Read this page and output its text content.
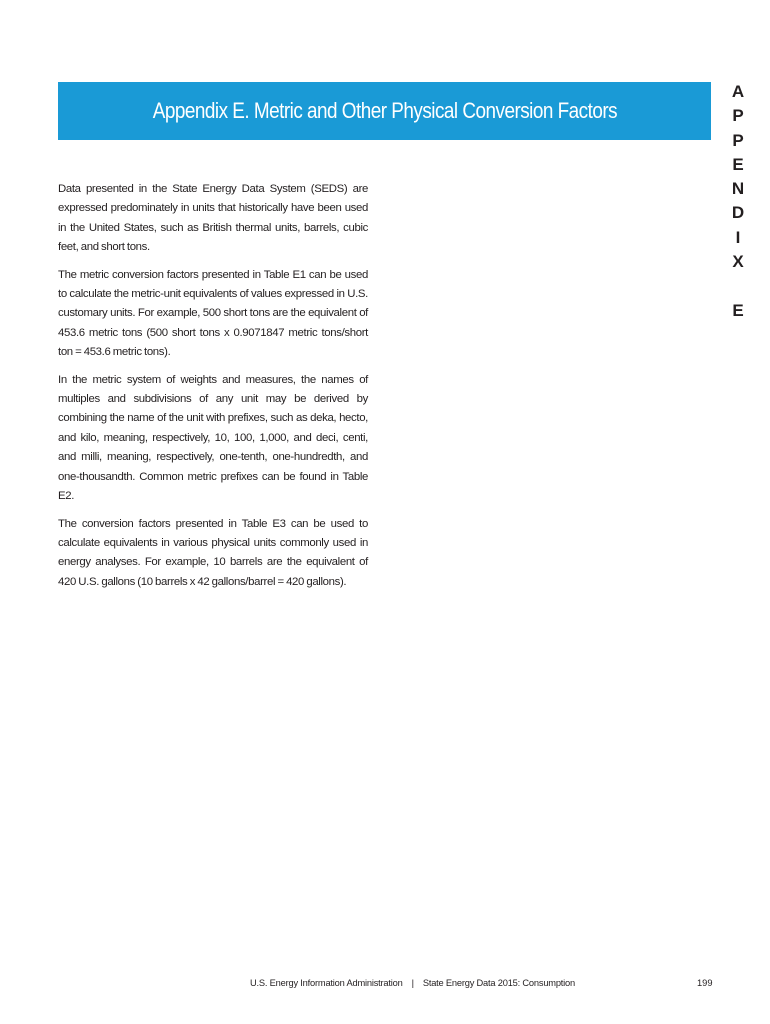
Appendix E. Metric and Other Physical Conversion Factors
A
P
P
E
N
D
I
X
E

Data presented in the State Energy Data System (SEDS) are expressed predominately in units that historically have been used in the United States, such as British thermal units, barrels, cubic feet, and short tons.

The metric conversion factors presented in Table E1 can be used to calculate the metric-unit equivalents of values expressed in U.S. customary units. For example, 500 short tons are the equivalent of 453.6 metric tons (500 short tons x 0.9071847 metric tons/short ton = 453.6 metric tons).

In the metric system of weights and measures, the names of multiples and subdivisions of any unit may be derived by combining the name of the unit with prefixes, such as deka, hecto, and kilo, meaning, respectively, 10, 100, 1,000, and deci, centi, and milli, meaning, respectively, one-tenth, one-hundredth, and one-thousandth. Common metric prefixes can be found in Table E2.

The conversion factors presented in Table E3 can be used to calculate equivalents in various physical units commonly used in energy analyses. For example, 10 barrels are the equivalent of 420 U.S. gallons (10 barrels x 42 gallons/barrel = 420 gallons).

U.S. Energy Information Administration | State Energy Data 2015: Consumption	199
